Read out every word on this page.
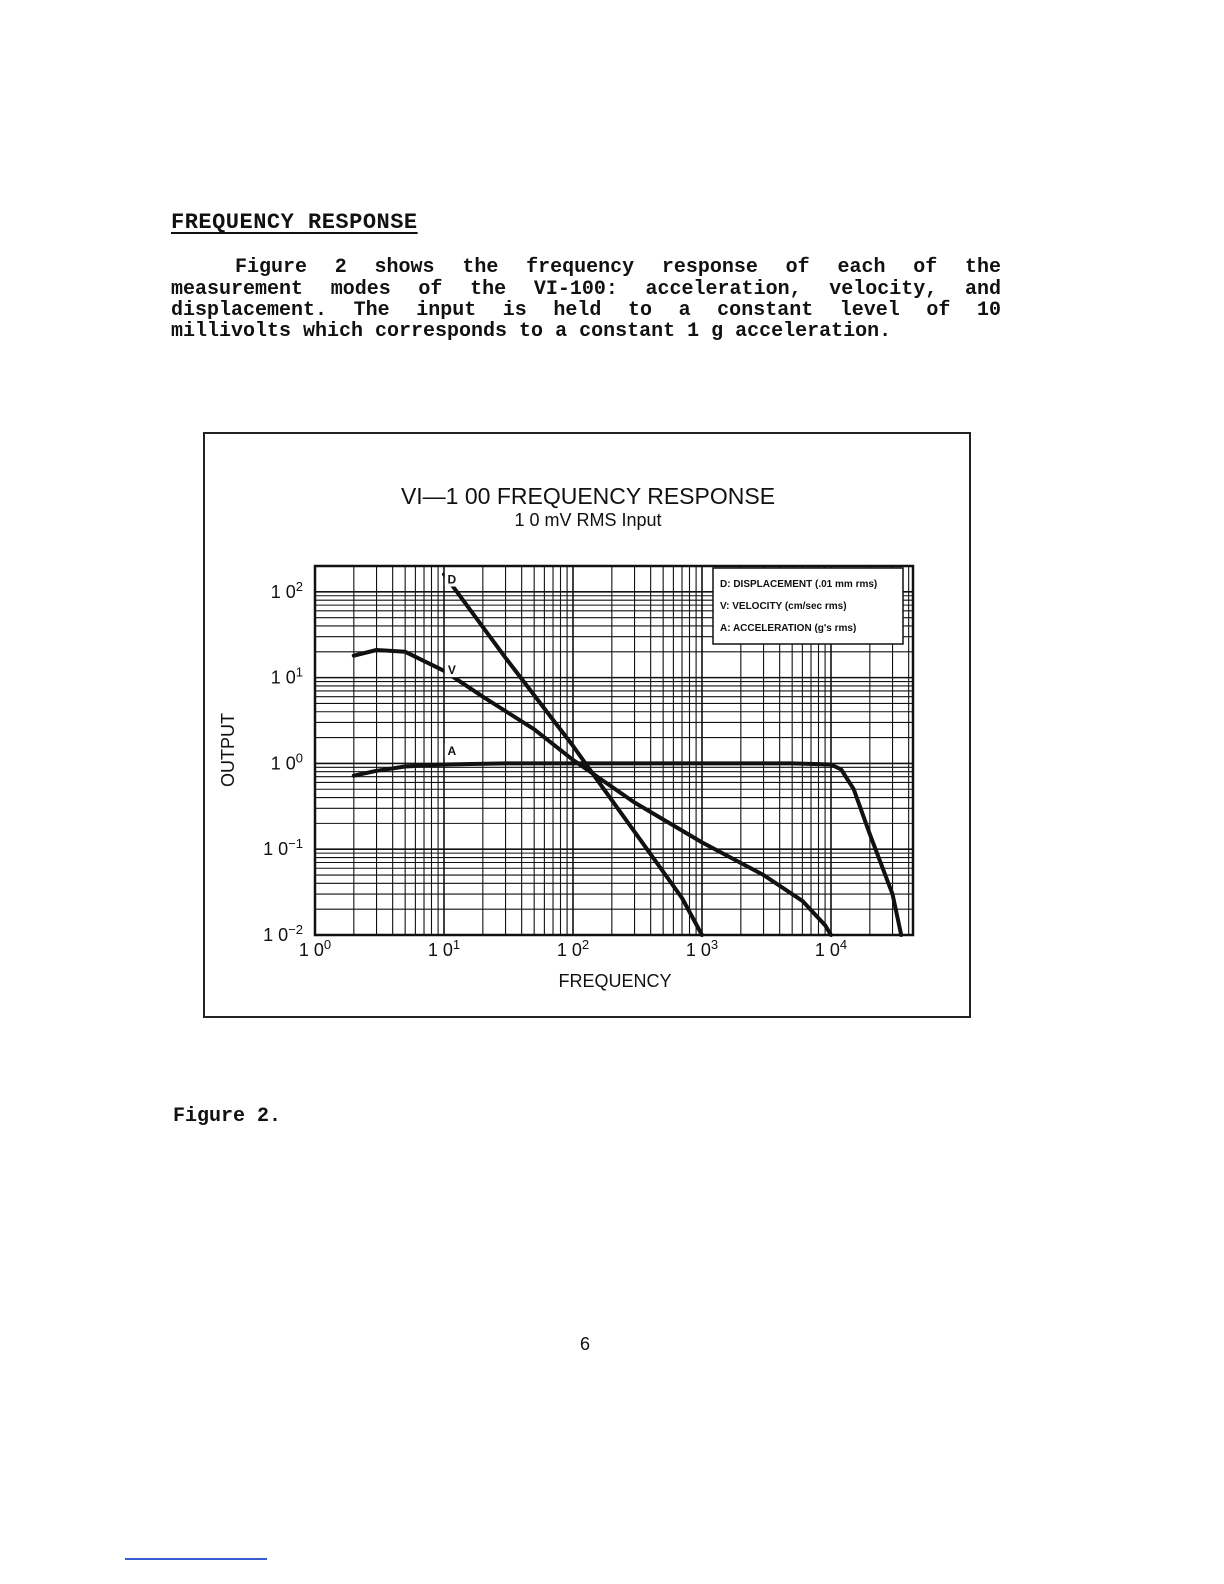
FREQUENCY RESPONSE
Figure 2 shows the frequency response of each of the
measurement modes of the VI-100: acceleration, velocity, and
displacement. The input is held to a constant level of 10
millivolts which corresponds to a constant 1 g acceleration.
VI—1 00 FREQUENCY RESPONSE
1 0 mV RMS Input
1 $0^0$	1 $0^1$	1 $0^2$	1 $0^3$	1 $0^4$
1 $0^{-2}$
1 $0^{-1}$
1 $0^0$
1 $0^1$
1 $0^2$	D
V
A
D: DISPLACEMENT (.01 mm rms)
V: VELOCITY (cm/sec rms)
A: ACCELERATION (g's rms)
FREQUENCY
OUTPUT
Figure 2.
6
